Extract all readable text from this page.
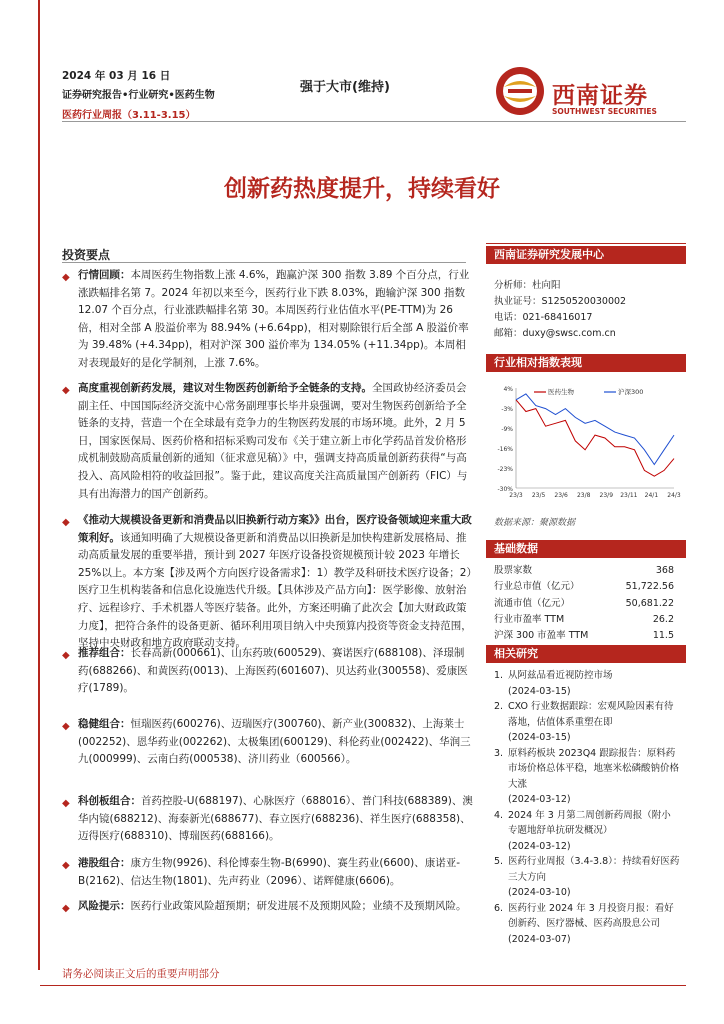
2024 年 03 月 16 日
证券研究报告•行业研究•医药生物
医药行业周报（3.11-3.15）
强于大市(维持)	西南证券
SOUTHWEST SECURITIES
创新药热度提升，持续看好
投资要点
◆ 行情回顾：本周医药生物指数上涨 4.6%，跑赢沪深 300 指数 3.89 个百分点，行业涨跌幅排名第 7。2024 年初以来至今，医药行业下跌 8.03%，跑输沪深 300 指数 12.07 个百分点，行业涨跌幅排名第 30。本周医药行业估值水平(PE-TTM)为 26 倍，相对全部 A 股溢价率为 88.94% (+6.64pp)，相对剔除银行后全部 A 股溢价率为 39.48% (+4.34pp)，相对沪深 300 溢价率为 134.05% (+11.34pp)。本周相对表现最好的是化学制剂，上涨 7.6%。
◆ 高度重视创新药发展，建议对生物医药创新给予全链条的支持。全国政协经济委员会副主任、中国国际经济交流中心常务副理事长毕井泉强调，要对生物医药创新给予全链条的支持，营造一个在全球最有竞争力的生物医药发展的市场环境。此外，2 月 5 日，国家医保局、医药价格和招标采购司发布《关于建立新上市化学药品首发价格形成机制鼓励高质量创新的通知（征求意见稿）》中，强调支持高质量创新药获得“与高投入、高风险相符的收益回报”。鉴于此，建议高度关注高质量国产创新药（FIC）与具有出海潜力的国产创新药。
◆ 《推动大规模设备更新和消费品以旧换新行动方案》》出台，医疗设备领域迎来重大政策利好。该通知明确了大规模设备更新和消费品以旧换新是加快构建新发展格局、推动高质量发展的重要举措，预计到 2027 年医疗设备投资规模预计较 2023 年增长 25%以上。本方案【涉及两个方向医疗设备需求】：1）教学及科研技术医疗设备；2）医疗卫生机构装备和信息化设施迭代升级。【具体涉及产品方向】：医学影像、放射治疗、远程诊疗、手术机器人等医疗装备。此外，方案还明确了此次会【加大财政政策力度】，把符合条件的设备更新、循环利用项目纳入中央预算内投资等资金支持范围，坚持中央财政和地方政府联动支持。
◆ 推荐组合：长春高新(000661)、山东药玻(600529)、赛诺医疗(688108)、泽璟制药(688266)、和黄医药(0013)、上海医药(601607)、贝达药业(300558)、爱康医疗(1789)。
◆ 稳健组合：恒瑞医药(600276)、迈瑞医疗(300760)、新产业(300832)、上海莱士(002252)、恩华药业(002262)、太极集团(600129)、科伦药业(002422)、华润三九(000999)、云南白药(000538)、济川药业（600566）。
◆ 科创板组合：首药控股-U(688197)、心脉医疗（688016）、普门科技(688389)、澳华内镜(688212)、海泰新光(688677)、春立医疗(688236)、祥生医疗(688358)、迈得医疗(688310)、博瑞医药(688166)。
◆ 港股组合：康方生物(9926)、科伦博泰生物-B(6990)、赛生药业(6600)、康诺亚-B(2162)、信达生物(1801)、先声药业（2096）、诺辉健康(6606)。
◆ 风险提示：医药行业政策风险超预期；研发进展不及预期风险；业绩不及预期风险。
西南证券研究发展中心
分析师：杜向阳
执业证号：S1250520030002
电话：021-68416017
邮箱：duxy@swsc.com.cn
行业相对指数表现
4%
-3%
-9%
-16%
-23%
-30%
23/3 23/5 23/6 23/8 23/9 23/11 24/1 24/3
医药生物	沪深300
数据来源：聚源数据
基础数据
股票家数	368
行业总市值（亿元）	51,722.56
流通市值（亿元）	50,681.22
行业市盈率 TTM	26.2
沪深 300 市盈率 TTM	11.5
相关研究
1. 从阿兹品看近视防控市场
(2024-03-15)
2. CXO 行业数据跟踪：宏观风险因素有待落地，估值体系重塑在即
(2024-03-15)
3. 原料药板块 2023Q4 跟踪报告：原料药市场价格总体平稳，地塞米松磷酸钠价格大涨
(2024-03-12)
4. 2024 年 3 月第二周创新药周报（附小专题地舒单抗研发概况）
(2024-03-12)
5. 医药行业周报（3.4-3.8）：持续看好医药三大方向
(2024-03-10)
6. 医药行业 2024 年 3 月投资月报：看好创新药、医疗器械、医药高股息公司
(2024-03-07)
请务必阅读正文后的重要声明部分
